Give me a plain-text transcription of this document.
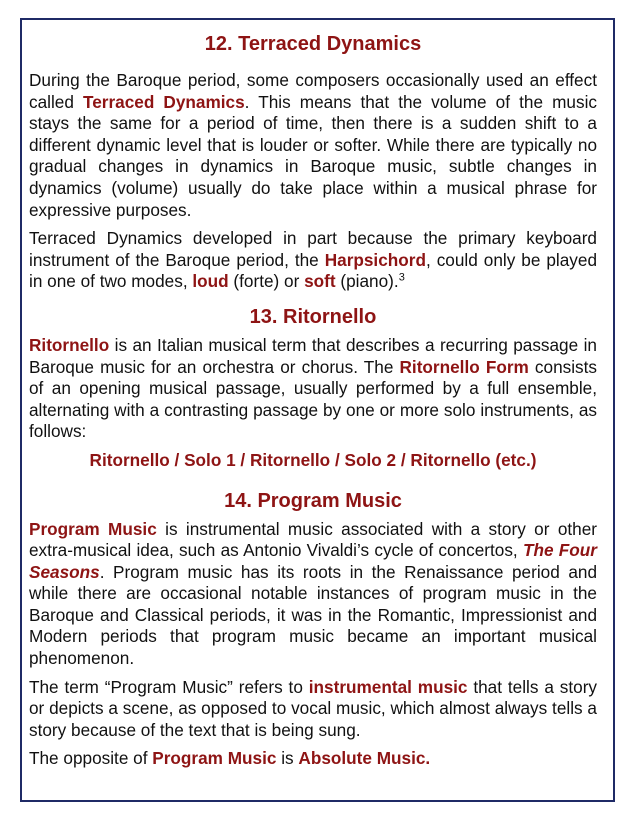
12. Terraced Dynamics

During the Baroque period, some composers occasionally used an effect called Terraced Dynamics. This means that the volume of the music stays the same for a period of time, then there is a sudden shift to a different dynamic level that is louder or softer. While there are typically no gradual changes in dynamics in Baroque music, subtle changes in dynamics (volume) usually do take place within a musical phrase for expressive purposes.

Terraced Dynamics developed in part because the primary keyboard instrument of the Baroque period, the Harpsichord, could only be played in one of two modes, loud (forte) or soft (piano).$^3$

13. Ritornello

Ritornello is an Italian musical term that describes a recurring passage in Baroque music for an orchestra or chorus. The Ritornello Form consists of an opening musical passage, usually performed by a full ensemble, alternating with a contrasting passage by one or more solo instruments, as follows:

Ritornello / Solo 1 / Ritornello / Solo 2 / Ritornello (etc.)
14. Program Music

Program Music is instrumental music associated with a story or other extra-musical idea, such as Antonio Vivaldi’s cycle of concertos, The Four Seasons. Program music has its roots in the Renaissance period and while there are occasional notable instances of program music in the Baroque and Classical periods, it was in the Romantic, Impressionist and Modern periods that program music became an important musical phenomenon.

The term “Program Music” refers to instrumental music that tells a story or depicts a scene, as opposed to vocal music, which almost always tells a story because of the text that is being sung.

The opposite of Program Music is Absolute Music.
